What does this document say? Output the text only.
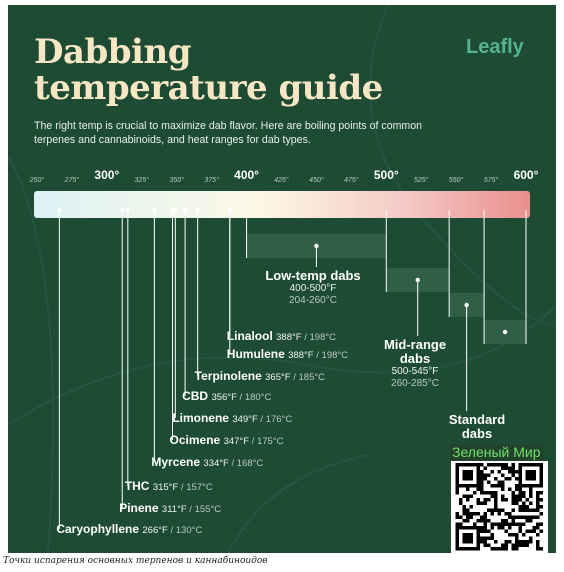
Dabbing
temperature guide
Leafly
The right temp is crucial to maximize dab flavor. Here are boiling points of common terpenes and cannabinoids, and heat ranges for dab types.
250°	275° 300° 325°	350°	375° 400° 425°	450°	475° 500° 525°	550°	575° 600°
Linalool 388°F / 198°C
Humulene 388°F / 198°C
Terpinolene 365°F / 185°C
CBD 356°F / 180°C
Limonene 349°F / 176°C
Ocimene 347°F / 175°C
Myrcene 334°F / 168°C
THC 315°F / 157°C
Pinene 311°F / 155°C
Caryophyllene 266°F / 130°C
Low-temp dabs
400-500°F
204-260°C
Mid-range
dabs
500-545°F
260-285°C
Standard
dabs
Зеленый Мир
Точки испарения основных терпенов и каннабиноидов
